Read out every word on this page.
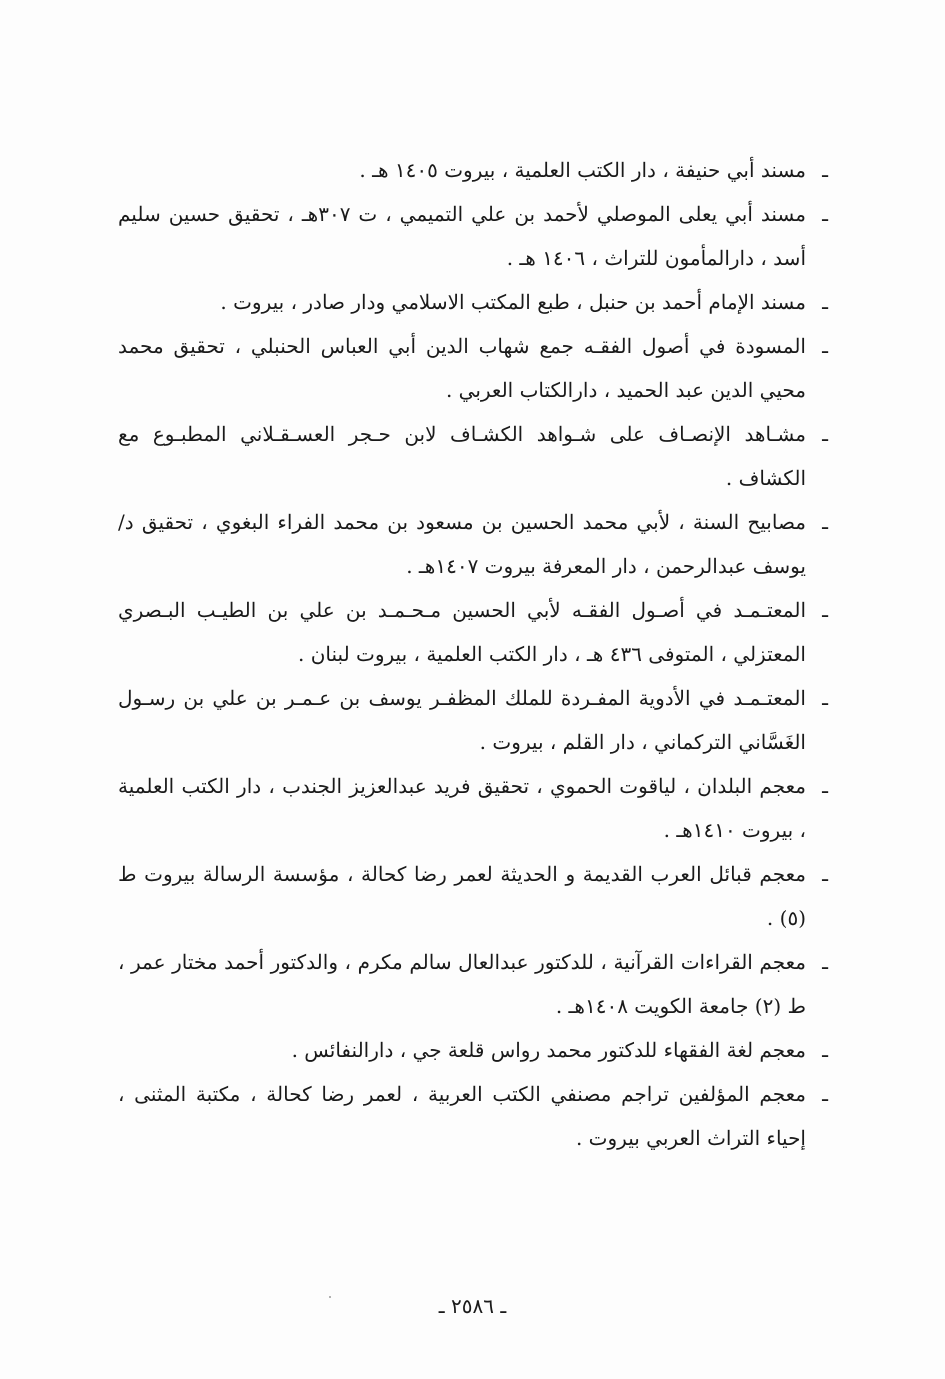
ـ
مسند أبي حنيفة ، دار الكتب العلمية ، بيروت ١٤٠٥ هـ .
ـ
مسند أبي يعلى الموصلي لأحمد بن علي التميمي ، ت ٣٠٧هـ ، تحقيق حسين سليم أسد ، دارالمأمون للتراث ، ١٤٠٦ هـ .
ـ
مسند الإمام أحمد بن حنبل ، طبع المكتب الاسلامي ودار صادر ، بيروت .
ـ
المسودة في أصول الفقـه جمع شهاب الدين أبي العباس الحنبلي ، تحقيق محمد محيي الدين عبد الحميد ، دارالكتاب العربي .
ـ
مشـاهد الإنصـاف على شـواهد الكشـاف لابن حـجر العسـقـلاني المطبـوع مع الكشاف .
ـ
مصابيح السنة ، لأبي محمد الحسين بن مسعود بن محمد الفراء البغوي ، تحقيق د/ يوسف عبدالرحمن ، دار المعرفة بيروت ١٤٠٧هـ .
ـ
المعتـمـد في أصـول الفقـه لأبي الحسين مـحـمـد بن علي بن الطيـب البـصري المعتزلي ، المتوفى ٤٣٦ هـ ، دار الكتب العلمية ، بيروت لبنان .
ـ
المعتـمـد في الأدوية المفـردة للملك المظفـر يوسف بن عـمـر بن علي بن رسـول الغَسَّاني التركماني ، دار القلم ، بيروت .
ـ
معجم البلدان ، لياقوت الحموي ، تحقيق فريد عبدالعزيز الجندب ، دار الكتب العلمية ، بيروت ١٤١٠هـ .
ـ
معجم قبائل العرب القديمة و الحديثة لعمر رضا كحالة ، مؤسسة الرسالة بيروت ط (٥) .
ـ
معجم القراءات القرآنية ، للدكتور عبدالعال سالم مكرم ، والدكتور أحمد مختار عمر ، ط (٢) جامعة الكويت ١٤٠٨هـ .
ـ
معجم لغة الفقهاء للدكتور محمد رواس قلعة جي ، دارالنفائس .
ـ
معجم المؤلفين تراجم مصنفي الكتب العربية ، لعمر رضا كحالة ، مكتبة المثنى ، إحياء التراث العربي بيروت .
ـ ٢٥٨٦ ـ
